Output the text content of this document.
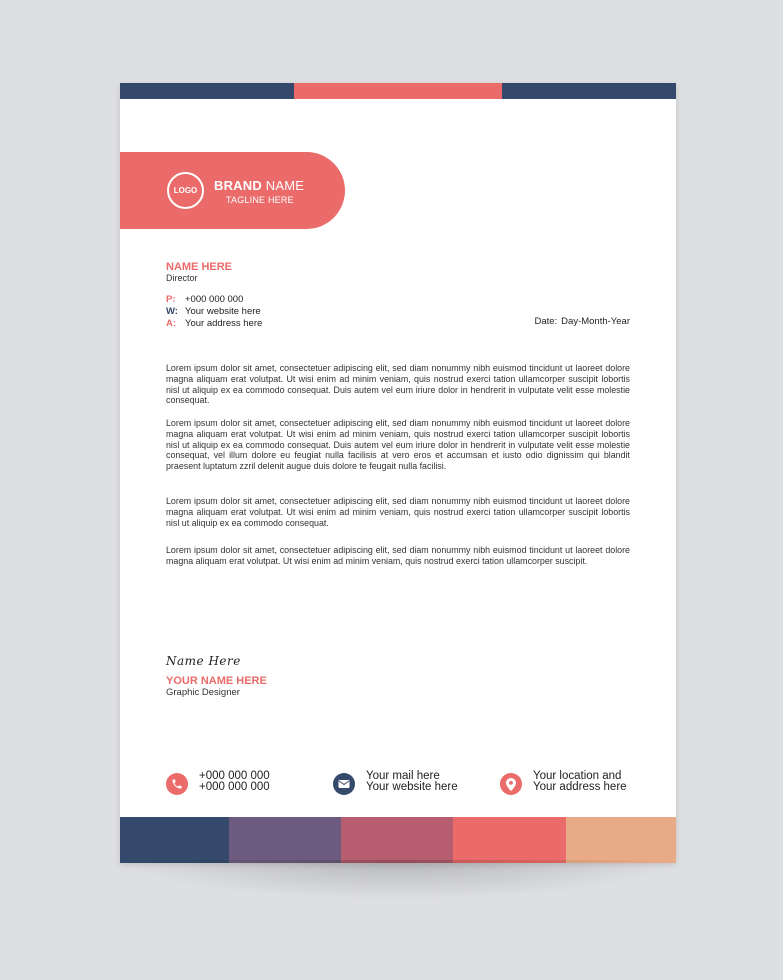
LOGO	BRAND NAME
TAGLINE HERE
NAME HERE
Director
P: +000 000 000
W: Your website here
A: Your address here	Date: Day-Month-Year

Lorem ipsum dolor sit amet, consectetuer adipiscing elit, sed diam nonummy nibh euismod tincidunt ut laoreet dolore magna aliquam erat volutpat. Ut wisi enim ad minim veniam, quis nostrud exerci tation ullamcorper suscipit lobortis nisl ut aliquip ex ea commodo consequat. Duis autem vel eum iriure dolor in hendrerit in vulputate velit esse molestie consequat.

Lorem ipsum dolor sit amet, consectetuer adipiscing elit, sed diam nonummy nibh euismod tincidunt ut laoreet dolore magna aliquam erat volutpat. Ut wisi enim ad minim veniam, quis nostrud exerci tation ullamcorper suscipit lobortis nisl ut aliquip ex ea commodo consequat. Duis autem vel eum iriure dolor in hendrerit in vulputate velit esse molestie consequat, vel illum dolore eu feugiat nulla facilisis at vero eros et accumsan et iusto odio dignissim qui blandit praesent luptatum zzril delenit augue duis dolore te feugait nulla facilisi.

Lorem ipsum dolor sit amet, consectetuer adipiscing elit, sed diam nonummy nibh euismod tincidunt ut laoreet dolore magna aliquam erat volutpat. Ut wisi enim ad minim veniam, quis nostrud exerci tation ullamcorper suscipit lobortis nisl ut aliquip ex ea commodo consequat.

Lorem ipsum dolor sit amet, consectetuer adipiscing elit, sed diam nonummy nibh euismod tincidunt ut laoreet dolore magna aliquam erat volutpat. Ut wisi enim ad minim veniam, quis nostrud exerci tation ullamcorper suscipit.

Name Here
YOUR NAME HERE
Graphic Designer
+000 000 000
+000 000 000
Your mail here
Your website here
Your location and
Your address here
